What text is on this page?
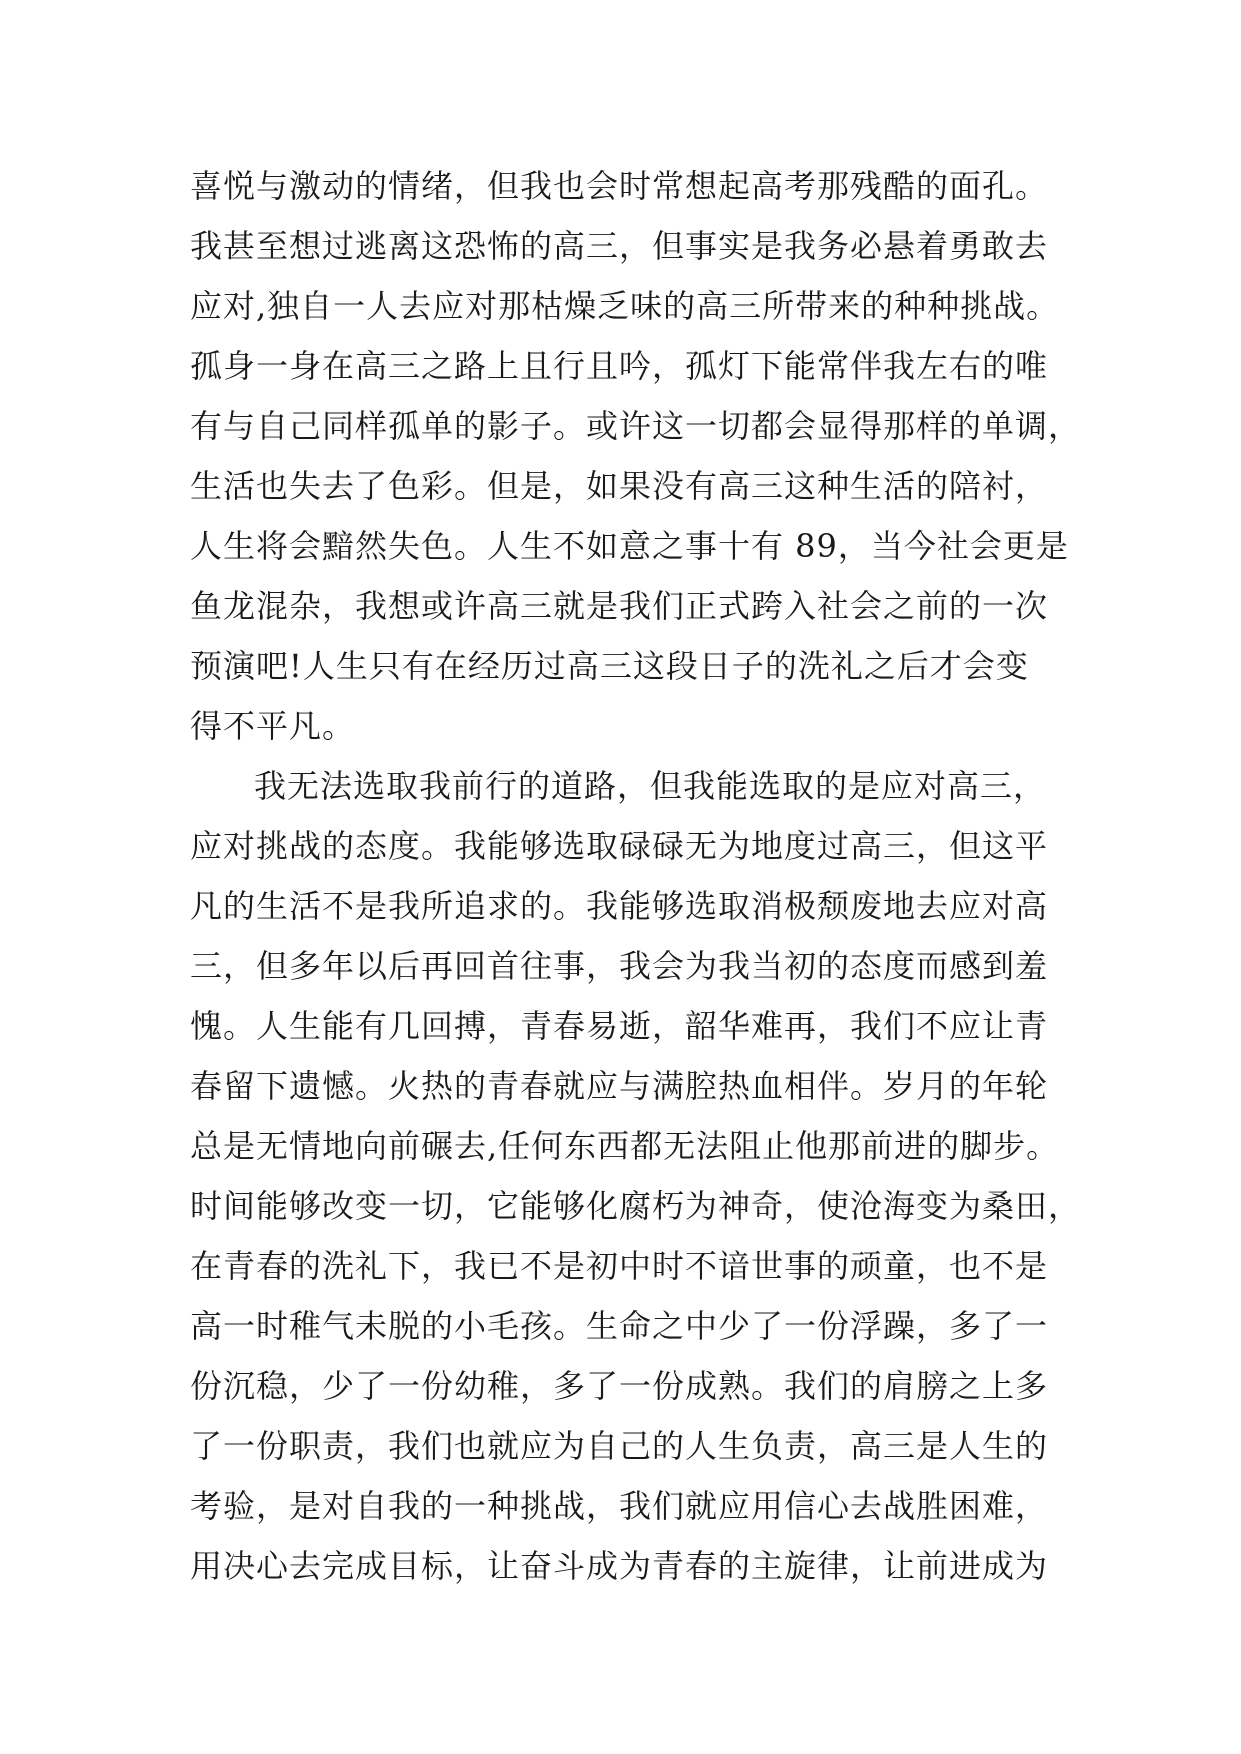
喜悦与激动的情绪，但我也会时常想起高考那残酷的面孔。
我甚至想过逃离这恐怖的高三，但事实是我务必悬着勇敢去
应对,独自一人去应对那枯燥乏味的高三所带来的种种挑战。
孤身一身在高三之路上且行且吟，孤灯下能常伴我左右的唯
有与自己同样孤单的影子。或许这一切都会显得那样的单调，
生活也失去了色彩。但是，如果没有高三这种生活的陪衬，
人生将会黯然失色。人生不如意之事十有 89，当今社会更是
鱼龙混杂，我想或许高三就是我们正式跨入社会之前的一次
预演吧!人生只有在经历过高三这段日子的洗礼之后才会变
得不平凡。
我无法选取我前行的道路，但我能选取的是应对高三，
应对挑战的态度。我能够选取碌碌无为地度过高三，但这平
凡的生活不是我所追求的。我能够选取消极颓废地去应对高
三，但多年以后再回首往事，我会为我当初的态度而感到羞
愧。人生能有几回搏，青春易逝，韶华难再，我们不应让青
春留下遗憾。火热的青春就应与满腔热血相伴。岁月的年轮
总是无情地向前碾去,任何东西都无法阻止他那前进的脚步。
时间能够改变一切，它能够化腐朽为神奇，使沧海变为桑田，
在青春的洗礼下，我已不是初中时不谙世事的顽童，也不是
高一时稚气未脱的小毛孩。生命之中少了一份浮躁，多了一
份沉稳，少了一份幼稚，多了一份成熟。我们的肩膀之上多
了一份职责，我们也就应为自己的人生负责，高三是人生的
考验，是对自我的一种挑战，我们就应用信心去战胜困难，
用决心去完成目标，让奋斗成为青春的主旋律，让前进成为
